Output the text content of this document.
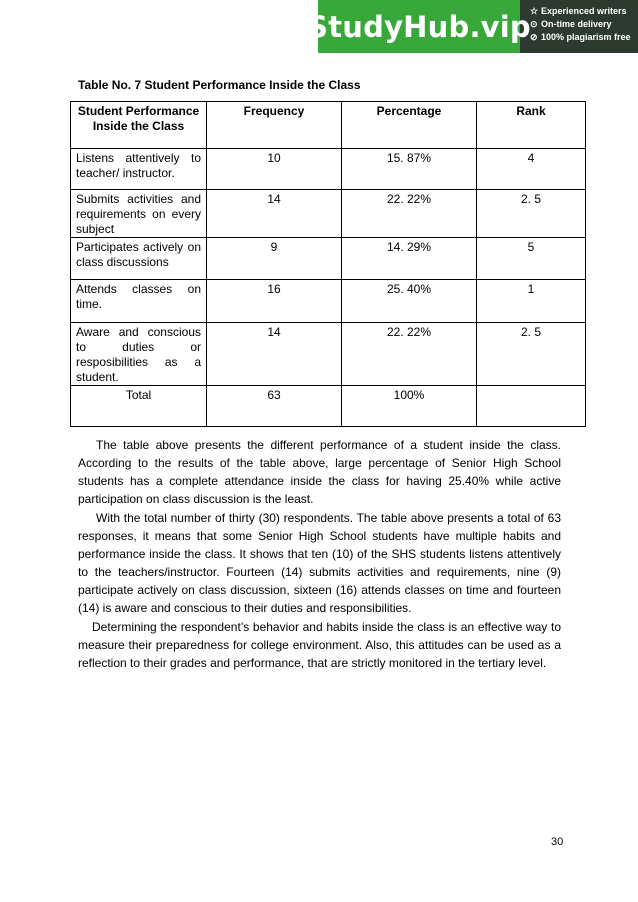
StudyHub.vip ☆ Experienced writers
⊙ On-time delivery
⊘ 100% plagiarism free
Table No. 7 Student Performance Inside the Class
Student Performance Inside the Class	Frequency	Percentage	Rank
Listens attentively to teacher/ instructor.	10	15. 87%	4
Submits activities and requirements on every subject	14	22. 22%	2. 5
Participates actively on class discussions	9	14. 29%	5
Attends classes on time.	16	25. 40%	1
Aware and conscious to duties or resposibilities as a student.	14	22. 22%	2. 5
Total	63	100%	

The table above presents the different performance of a student inside the class. According to the results of the table above, large percentage of Senior High School students has a complete attendance inside the class for having 25.40% while active participation on class discussion is the least.

With the total number of thirty (30) respondents. The table above presents a total of 63 responses, it means that some Senior High School students have multiple habits and performance inside the class. It shows that ten (10) of the SHS students listens attentively to the teachers/instructor. Fourteen (14) submits activities and requirements, nine (9) participate actively on class discussion, sixteen (16) attends classes on time and fourteen (14) is aware and conscious to their duties and responsibilities.

Determining the respondent’s behavior and habits inside the class is an effective way to measure their preparedness for college environment. Also, this attitudes can be used as a reflection to their grades and performance, that are strictly monitored in the tertiary level.

30
